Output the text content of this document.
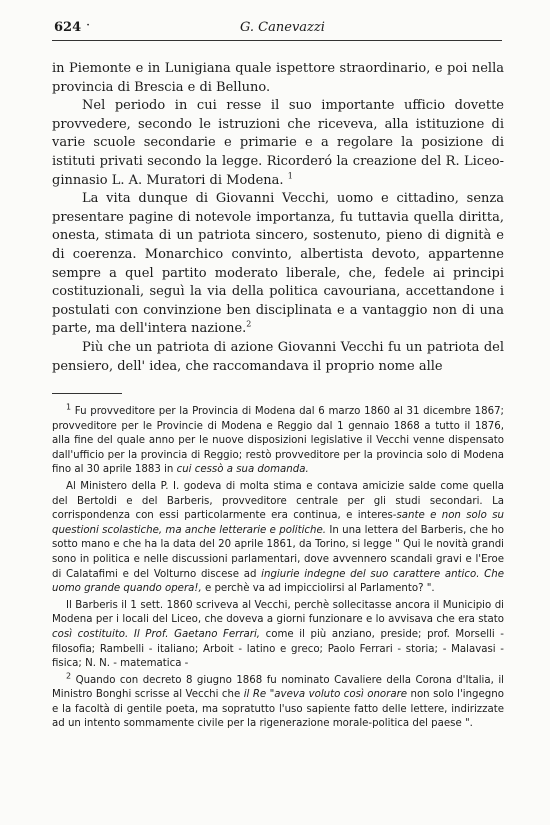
624 ·	G. Canevazzi

in Piemonte e in Lunigiana quale ispettore straordinario, e poi nella provincia di Brescia e di Belluno.

Nel periodo in cui resse il suo importante ufficio dovette provvedere, secondo le istruzioni che riceveva, alla istituzione di varie scuole secondarie e primarie e a regolare la posizione di istituti privati secondo la legge. Ricorderó la creazione del R. Liceo-ginnasio L. A. Muratori di Modena. $^1$

La vita dunque di Giovanni Vecchi, uomo e cittadino, senza presentare pagine di notevole importanza, fu tuttavia quella diritta, onesta, stimata di un patriota sincero, sostenuto, pieno di dignità e di coerenza. Monarchico convinto, albertista devoto, appartenne sempre a quel partito moderato liberale, che, fedele ai principi costituzionali, seguì la via della politica cavouriana, accettandone i postulati con convinzione ben disciplinata e a vantaggio non di una parte, ma dell'intera nazione.$^2$

Più che un patriota di azione Giovanni Vecchi fu un patriota del pensiero, dell' idea, che raccomandava il proprio nome alle

$^1$ Fu provveditore per la Provincia di Modena dal 6 marzo 1860 al 31 dicembre 1867; provveditore per le Provincie di Modena e Reggio dal 1 gennaio 1868 a tutto il 1876, alla fine del quale anno per le nuove disposizioni legislative il Vecchi venne dispensato dall'ufficio per la provincia di Reggio; restò provveditore per la provincia solo di Modena fino al 30 aprile 1883 in cui cessò a sua domanda.

Al Ministero della P. I. godeva di molta stima e contava amicizie salde come quella del Bertoldi e del Barberis, provveditore centrale per gli studi secondari. La corrispondenza con essi particolarmente era continua, e interes-sante e non solo su questioni scolastiche, ma anche letterarie e politiche. In una lettera del Barberis, che ho sotto mano e che ha la data del 20 aprile 1861, da Torino, si legge " Qui le novità grandi sono in politica e nelle discussioni parlamentari, dove avvennero scandali gravi e l'Eroe di Calatafimi e del Volturno discese ad ingiurie indegne del suo carattere antico. Che uomo grande quando opera!, e perchè va ad impicciolirsi al Parlamento? ".

Il Barberis il 1 sett. 1860 scriveva al Vecchi, perchè sollecitasse ancora il Municipio di Modena per i locali del Liceo, che doveva a giorni funzionare e lo avvisava che era stato così costituito. Il Prof. Gaetano Ferrari, come il più anziano, preside; prof. Morselli - filosofia; Rambelli - italiano; Arboit - latino e greco; Paolo Ferrari - storia; - Malavasi - fisica; N. N. - matematica -

$^2$ Quando con decreto 8 giugno 1868 fu nominato Cavaliere della Corona d'Italia, il Ministro Bonghi scrisse al Vecchi che il Re "aveva voluto così onorare non solo l'ingegno e la facoltà di gentile poeta, ma sopratutto l'uso sapiente fatto delle lettere, indirizzate ad un intento sommamente civile per la rigenerazione morale-politica del paese ".
